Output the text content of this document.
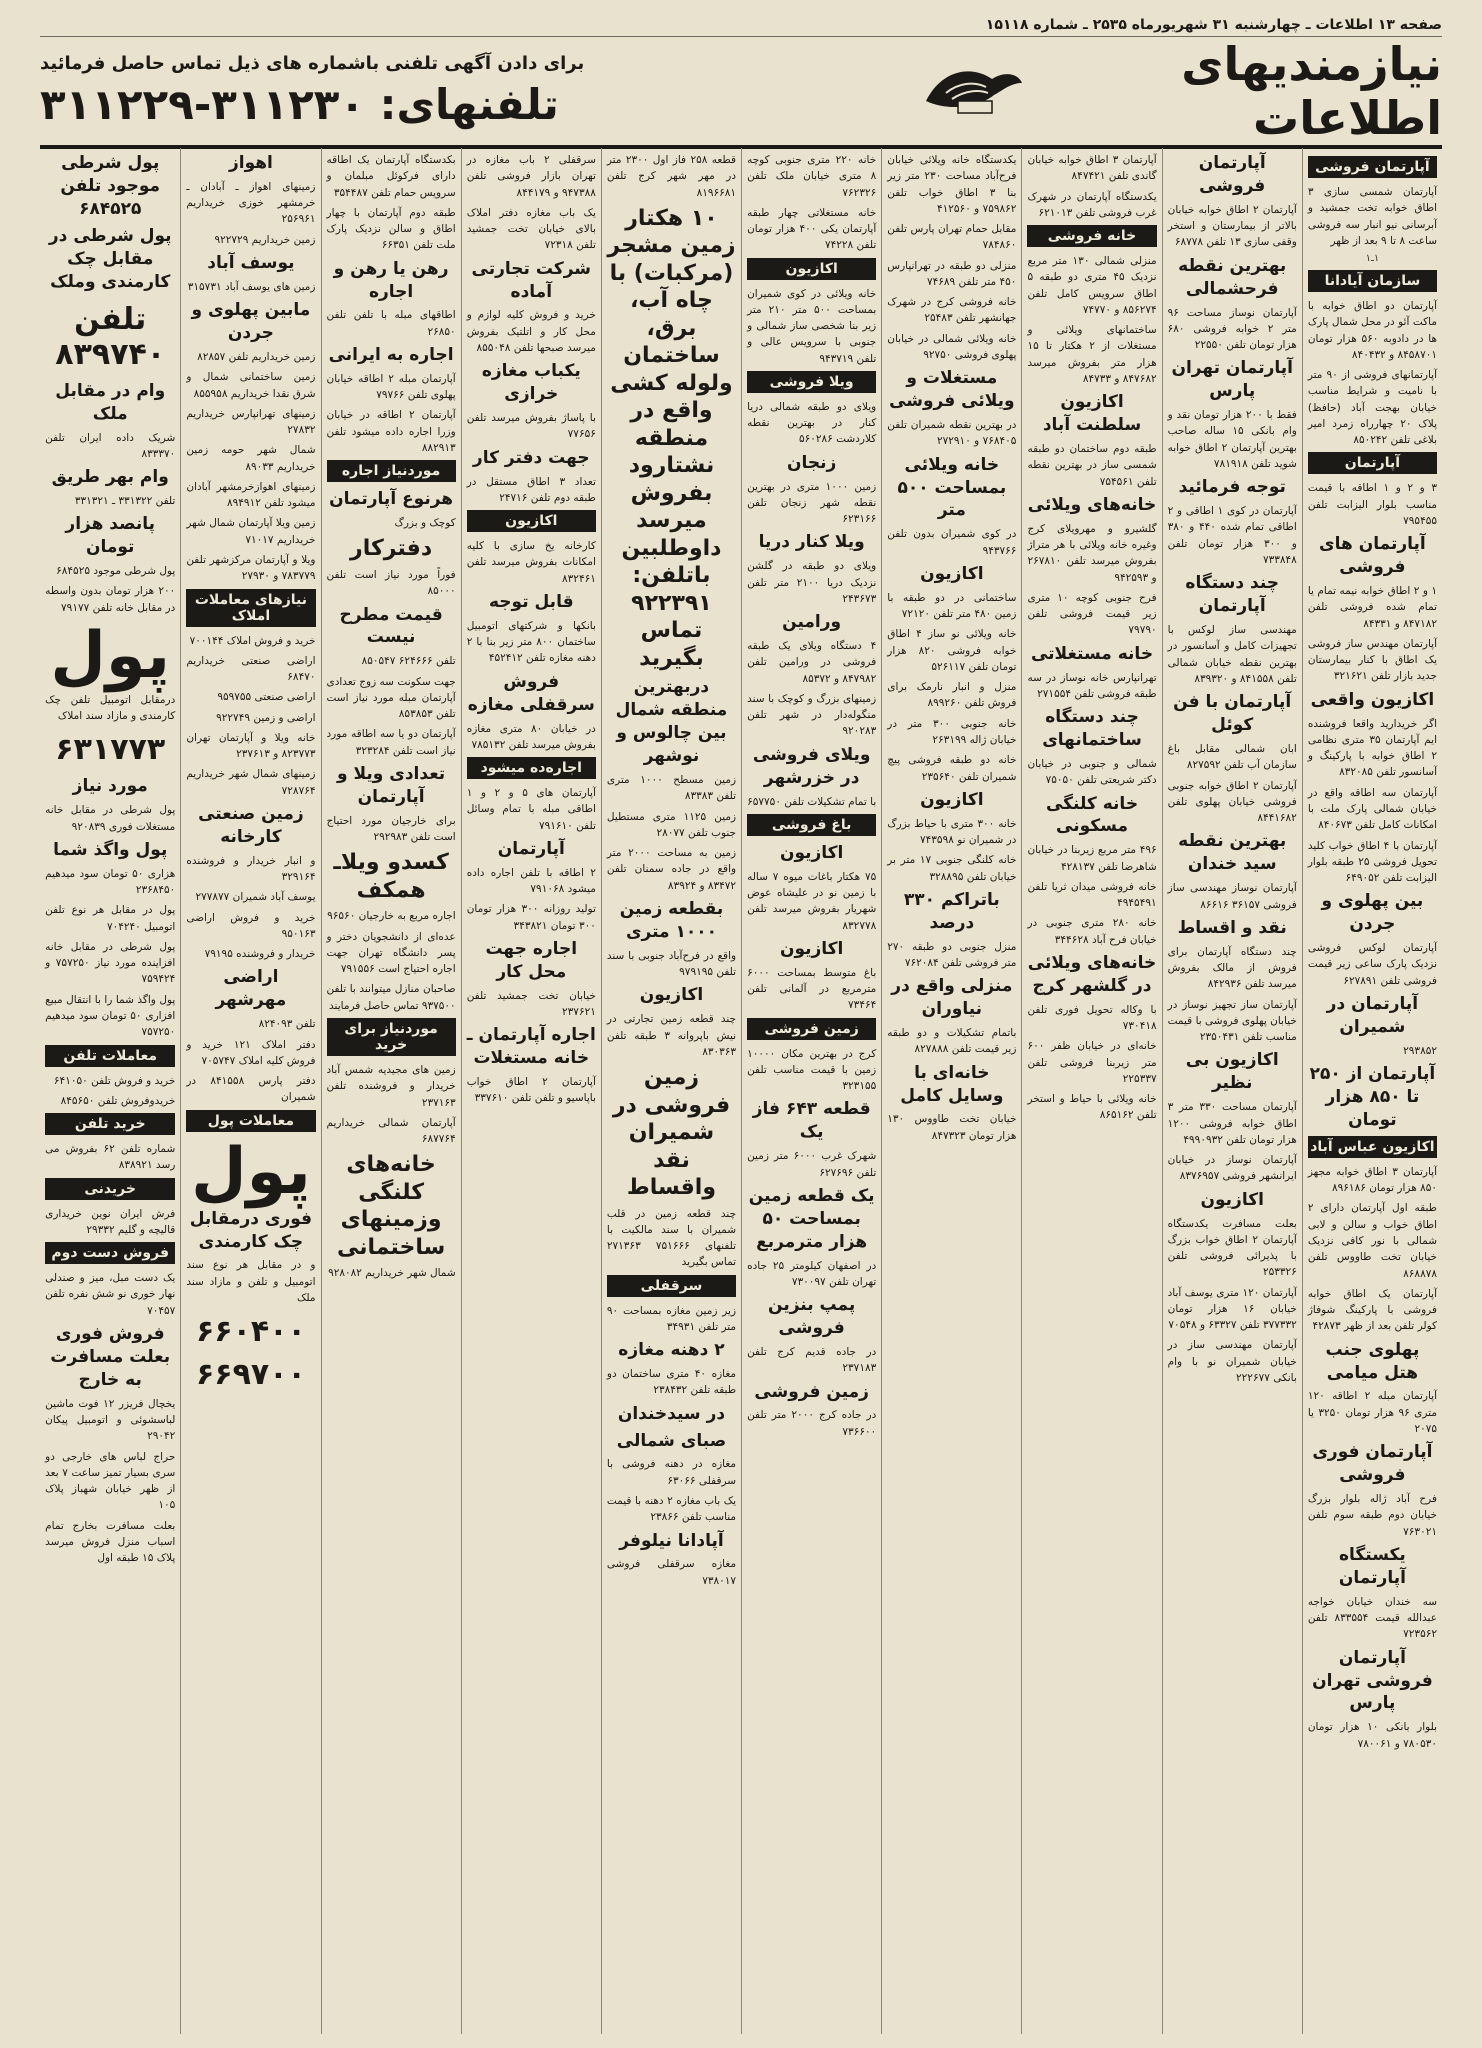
صفحه ۱۳ اطلاعات ـ چهارشنبه ۳۱ شهریورماه ۲۵۳۵ ـ شماره ۱۵۱۱۸
نیازمندیهای اطلاعات
برای دادن آگهی تلفنی باشماره های ذیل تماس حاصل فرمائید
تلفنهای: ۳۱۱۲۳۰-۳۱۱۲۲۹
آپارتمان فروشی
آپارتمان شمسی سازی ۳ اطاق خوابه تخت جمشید و آبرسانی نیو انبار سه فروشی ساعت ۸ تا ۹ بعد از ظهر
۱ـ۱
سازمان آیادانا
آپارتمان دو اطاق خوابه با ماکت آئو در محل شمال پارک ها در دادوبه ۵۶۰ هزار تومان ۸۴۵۸۷۰۱ و ۸۴۰۴۳۲
آپارتمانهای فروشی از ۹۰ متر با نامیت و شرایط مناسب خیابان بهجت آباد (حافظ) پلاک ۲۰ چهارراه زمرد امیر بلاغی تلفن ۸۵۰۲۴۲
آپارتمان
۳ و ۲ و ۱ اطاقه با قیمت مناسب بلوار الیزابت تلفن ۷۹۵۴۵۵
آپارتمان های فروشی
۱ و ۲ اطاق خوابه نیمه تمام یا تمام شده فروشی تلفن ۸۴۷۱۸۲ و ۸۴۳۳۱
آپارتمان مهندس ساز فروشی یک اطاق با کنار بیمارستان جدید بازار تلفن ۳۲۱۶۲۱
اکازیون واقعی
اگر خریدارید واقعا فروشنده ایم آپارتمان ۳۵ متری نظامی ۲ اطاق خوابه با پارکینگ و آسانسور تلفن ۸۳۲۰۸۵
آپارتمان سه اطاقه واقع در خیابان شمالی پارک ملت با امکانات کامل تلفن ۸۴۰۶۷۳
آپارتمان با ۴ اطاق خواب کلید تحویل فروشی ۲۵ طبقه بلوار الیزابت تلفن ۶۴۹۰۵۲
بین پهلوی و جردن
آپارتمان لوکس فروشی نزدیک پارک ساعی زیر قیمت فروشی تلفن ۶۲۷۸۹۱
آپارتمان در شمیران
۲۹۳۸۵۲
آپارتمان از ۲۵۰ تا ۸۵۰ هزار تومان
اکازیون عباس آباد
آپارتمان ۳ اطاق خوابه مجهز ۸۵۰ هزار تومان ۸۹۶۱۸۶
طبقه اول آپارتمان دارای ۲ اطاق خواب و سالن و لابی شمالی با نور کافی نزدیک خیابان تخت طاووس تلفن ۸۶۸۸۷۸
آپارتمان یک اطاق خوابه فروشی با پارکینگ شوفاژ کولر تلفن بعد از ظهر ۴۲۸۷۳
پهلوی جنب هتل میامی
آپارتمان مبله ۲ اطاقه ۱۲۰ متری ۹۶ هزار تومان ۳۲۵۰ یا ۲۰۷۵
آپارتمان فوری فروشی
فرح آباد ژاله بلوار بزرگ خیابان دوم طبقه سوم تلفن ۷۶۳۰۲۱
یکستگاه آپارتمان
سه خندان خیابان خواجه عبدالله قیمت ۸۳۳۵۵۴ تلفن ۷۲۳۵۶۲
آپارتمان فروشی تهران پارس
بلوار بانکی ۱۰ هزار تومان ۷۸۰۵۳۰ و ۷۸۰۰۶۱
آپارتمان فروشی
آپارتمان ۲ اطاق خوابه خیابان بالاتر از بیمارستان و استخر وقفی سازی ۱۳ تلفن ۶۸۷۷۸
بهترین نقطه فرحشمالی
آپارتمان نوساز مساحت ۹۶ متر ۲ خوابه فروشی ۶۸۰ هزار تومان تلفن ۲۲۵۵۰
آپارتمان تهران پارس
فقط با ۲۰۰ هزار تومان نقد و وام بانکی ۱۵ ساله صاحب بهترین آپارتمان ۲ اطاق خوابه شوید تلفن ۷۸۱۹۱۸
توجه فرمائید
آپارتمان در کوی ۱ اطاقی و ۲ اطاقی تمام شده ۴۴۰ و ۳۸۰ و ۳۰۰ هزار تومان تلفن ۷۳۳۸۴۸
چند دستگاه آپارتمان
مهندسی ساز لوکس با تجهیزات کامل و آسانسور در بهترین نقطه خیابان شمالی تلفن ۸۴۱۵۵۸ و ۸۳۹۳۲۰
آپارتمان با فن کوئل
ابان شمالی مقابل باغ سازمان آب تلفن ۸۲۷۵۹۲
آپارتمان ۲ اطاق خوابه جنوبی فروشی خیابان پهلوی تلفن ۸۴۴۱۶۸۲
بهترین نقطه سید خندان
آپارتمان نوساز مهندسی ساز فروشی ۳۶۱۵۷ ۸۶۶۱۶
نقد و اقساط
چند دستگاه آپارتمان برای فروش از مالک بفروش میرسد تلفن ۸۴۲۹۳۶
آپارتمان ساز تجهیز نوساز در خیابان پهلوی فروشی با قیمت مناسب تلفن ۲۳۵۰۴۳۱
اکازیون بی نظیر
آپارتمان مساحت ۳۳۰ متر ۳ اطاق خوابه فروشی ۱۲۰۰ هزار تومان تلفن ۴۹۹۰۹۳۲
آپارتمان نوساز در خیابان ایرانشهر فروشی ۸۳۷۶۹۵۷
اکازیون
بعلت مسافرت یکدستگاه آپارتمان ۲ اطاق خواب بزرگ با پذیرائی فروشی تلفن ۲۵۳۳۲۶
آپارتمان ۱۲۰ متری یوسف آباد خیابان ۱۶ هزار تومان ۳۷۷۳۳۲ تلفن ۶۳۳۲۷ و ۷۰۵۴۸
آپارتمان مهندسی ساز در خیابان شمیران نو با وام بانکی ۲۲۲۶۷۷
آپارتمان ۳ اطاق خوابه خیابان گاندی تلفن ۸۴۷۴۲۱
یکدستگاه آپارتمان در شهرک غرب فروشی تلفن ۶۲۱۰۱۳
خانه فروشی
منزلی شمالی ۱۳۰ متر مربع نزدیک ۴۵ متری دو طبقه ۵ اطاق سرویس کامل تلفن ۸۵۶۲۷۴ و ۷۴۷۷۰
ساختمانهای ویلائی و مستغلات از ۲ هکتار تا ۱۵ هزار متر بفروش میرسد ۸۴۷۶۸۲ و ۸۴۷۳۳
اکازیون سلطنت آباد
طبقه دوم ساختمان دو طبقه شمسی ساز در بهترین نقطه تلفن ۷۵۴۵۶۱
خانه‌های ویلائی
گلشیرو و مهرویلای کرج وغیره خانه ویلائی با هر متراژ بفروش میرسد تلفن ۲۶۷۸۱۰ و ۹۴۲۵۹۳
فرح جنوبی کوچه ۱۰ متری زیر قیمت فروشی تلفن ۷۹۷۹۰
خانه مستغلاتی
تهرانپارس خانه نوساز در سه طبقه فروشی تلفن ۲۷۱۵۵۴
چند دستگاه ساختمانهای
شمالی و جنوبی در خیابان دکتر شریعتی تلفن ۷۵۰۵۰
خانه کلنگی مسکونی
۴۹۶ متر مربع زیربنا در خیابان شاهرضا تلفن ۴۲۸۱۳۷
خانه فروشی میدان ثریا تلفن ۴۹۴۵۴۹۱
خانه ۲۸۰ متری جنوبی در خیابان فرح آباد ۳۴۴۶۲۸
خانه‌های ویلائی در گلشهر کرج
با وکاله تحویل فوری تلفن ۷۳۰۴۱۸
خانه‌ای در خیابان ظفر ۶۰۰ متر زیربنا فروشی تلفن ۲۲۵۳۳۷
خانه ویلائی با حیاط و استخر تلفن ۸۶۵۱۶۲
یکدستگاه خانه ویلائی خیابان فرح‌آباد مساحت ۲۳۰ متر زیر بنا ۳ اطاق خواب تلفن ۷۵۹۸۶۲ و ۴۱۲۵۶۰
مقابل حمام تهران پارس تلفن ۷۸۴۸۶۰
منزلی دو طبقه در تهرانپارس ۴۵۰ متر تلفن ۷۴۶۸۹
خانه فروشی کرج در شهرک جهانشهر تلفن ۲۵۴۸۳
خانه ویلائی شمالی در خیابان پهلوی فروشی ۹۲۷۵۰
مستغلات و ویلائی فروشی
در بهترین نقطه شمیران تلفن ۷۶۸۴۰۵ و ۲۷۲۹۱۰
خانه ویلائی بمساحت ۵۰۰ متر
در کوی شمیران بدون تلفن ۹۴۳۷۶۶
اکازیون
ساختمانی در دو طبقه با زمین ۴۸۰ متر تلفن ۷۲۱۲۰
خانه ویلائی نو ساز ۴ اطاق خوابه فروشی ۸۲۰ هزار تومان تلفن ۵۲۶۱۱۷
منزل و انبار نارمک برای فروش تلفن ۸۹۹۲۶۰
خانه جنوبی ۳۰۰ متر در خیابان ژاله ۲۶۳۱۹۹
خانه دو طبقه فروشی پیچ شمیران تلفن ۲۳۵۶۴۰
اکازیون
خانه ۳۰۰ متری با حیاط بزرگ در شمیران نو ۷۴۳۵۹۸
خانه کلنگی جنوبی ۱۷ متر بر خیابان تلفن ۳۲۸۸۹۵
باتراکم ۳۳۰ درصد
منزل جنوبی دو طبقه ۲۷۰ متر فروشی تلفن ۷۶۲۰۸۴
منزلی واقع در نیاوران
باتمام تشکیلات و دو طبقه زیر قیمت تلفن ۸۲۷۸۸۸
خانه‌ای با وسایل کامل
خیابان تخت طاووس ۱۳۰ هزار تومان ۸۴۷۳۲۳
خانه ۲۲۰ متری جنوبی کوچه ۸ متری خیابان ملک تلفن ۷۶۲۳۲۶
خانه مستغلاتی چهار طبقه آپارتمان یکی ۴۰۰ هزار تومان تلفن ۷۴۲۲۸
اکازیون
خانه ویلائی در کوی شمیران بمساحت ۵۰۰ متر ۲۱۰ متر زیر بنا شخصی ساز شمالی و جنوبی با سرویس عالی و تلفن ۹۴۳۷۱۹
ویلا فروشی
ویلای دو طبقه شمالی دریا کنار در بهترین نقطه کلاردشت ۵۶۰۲۸۶
زنجان
زمین ۱۰۰۰ متری در بهترین نقطه شهر زنجان تلفن ۶۲۳۱۶۶
ویلا کنار دریا
ویلای دو طبقه در گلشن نزدیک دریا ۲۱۰۰ متر تلفن ۲۴۳۶۷۳
ورامین
۴ دستگاه ویلای یک طبقه فروشی در ورامین تلفن ۸۴۷۹۸۲ و ۸۵۳۷۲
زمینهای بزرگ و کوچک با سند منگوله‌دار در شهر تلفن ۹۲۰۲۸۳
ویلای فروشی در خزرشهر
با تمام تشکیلات تلفن ۶۵۷۷۵۰
باغ فروشی
اکازیون
۷۵ هکتار باغات میوه ۷ ساله با زمین نو در علیشاه عوض شهریار بفروش میرسد تلفن ۸۳۲۷۷۸
اکازیون
باغ متوسط بمساحت ۶۰۰۰ مترمربع در آلمانی تلفن ۷۳۴۶۴
زمین فروشی
کرج در بهترین مکان ۱۰۰۰۰ زمین با قیمت مناسب تلفن ۳۲۳۱۵۵
قطعه ۶۴۳ فاز یک
شهرک غرب ۶۰۰۰ متر زمین تلفن ۶۲۷۶۹۶
یک قطعه زمین بمساحت ۵۰ هزار مترمربع
در اصفهان کیلومتر ۲۵ جاده تهران تلفن ۷۳۰۰۹۷
پمپ بنزین فروشی
در جاده قدیم کرج تلفن ۲۳۷۱۸۳
زمین فروشی
در جاده کرج ۲۰۰۰ متر تلفن ۷۳۶۶۰۰
قطعه ۲۵۸ فاز اول ۲۳۰۰ متر در مهر شهر کرج تلفن ۸۱۹۶۶۸۱
۱۰ هکتار زمین مشجر (مرکبات) با چاه آب، برق، ساختمان ولوله کشی واقع در منطقه نشتارود بفروش میرسد داوطلبین باتلفن: ۹۲۲۳۹۱ تماس بگیرید
دربهترین منطقه شمال بین چالوس و نوشهر
زمین مسطح ۱۰۰۰ متری تلفن ۸۳۳۸۳
زمین ۱۱۲۵ متری مستطیل جنوب تلفن ۲۸۰۷۷
زمین به مساحت ۲۰۰۰ متر واقع در جاده سمنان تلفن ۸۳۴۷۲ و ۸۳۹۲۴
بقطعه زمین ۱۰۰۰ متری
واقع در فرح‌آباد جنوبی با سند تلفن ۹۷۹۱۹۵
اکازیون
چند قطعه زمین تجارتی در نیش باپروانه ۳ طبقه تلفن ۸۳۰۳۶۳
زمین فروشی در شمیران نقد واقساط
چند قطعه زمین در قلب شمیران با سند مالکیت با تلفنهای ۷۵۱۶۶۶ ۲۷۱۳۶۳ تماس بگیرید
سرقفلی
زیر زمین مغازه بمساحت ۹۰ متر تلفن ۳۴۹۳۱
۲ دهنه مغازه
مغازه ۴۰ متری ساختمان دو طبقه تلفن ۲۳۸۴۳۲
در سیدخندان
صبای شمالی
مغازه در دهنه فروشی با سرقفلی ۶۳۰۶۶
یک باب مغازه ۲ دهنه با قیمت مناسب تلفن ۲۳۸۶۶
آپادانا نیلوفر
مغازه سرقفلی فروشی ۷۳۸۰۱۷
سرقفلی ۲ باب مغازه در تهران بازار فروشی تلفن ۹۴۷۳۸۸ و ۸۴۴۱۷۹
یک باب مغازه دفتر املاک بالای خیابان تخت جمشید تلفن ۷۲۳۱۸
شرکت تجارتی آماده
خرید و فروش کلیه لوازم و محل کار و اتلتیک بفروش میرسد صبحها تلفن ۸۵۵۰۴۸
یکباب مغازه خرازی
با پاساژ بفروش میرسد تلفن ۷۷۶۵۶
جهت دفتر کار
تعداد ۳ اطاق مستقل در طبقه دوم تلفن ۲۴۷۱۶
اکازیون
کارخانه یخ سازی با کلیه امکانات بفروش میرسد تلفن ۸۳۲۴۶۱
قابل توجه
بانکها و شرکتهای اتومبیل ساختمان ۸۰۰ متر زیر بنا با ۲ دهنه مغازه تلفن ۴۵۲۴۱۲
فروش سرقفلی مغازه
در خیابان ۸۰ متری مغازه بفروش میرسد تلفن ۷۸۵۱۳۲
اجاره‌ده میشود
آپارتمان های ۵ و ۲ و ۱ اطاقی مبله با تمام وسائل تلفن ۷۹۱۶۱۰
آپارتمان
۲ اطاقه با تلفن اجاره داده میشود ۷۹۱۰۶۸
تولید روزانه ۳۰۰ هزار تومان ۳۰۰ تومان ۳۴۳۸۲۱
اجاره جهت محل کار
خیابان تخت جمشید تلفن ۲۳۷۶۲۱
اجاره آپارتمان ـ خانه مستغلات
آپارتمان ۲ اطاق خواب باپاسیو و تلفن تلفن ۳۳۷۶۱۰
بکدستگاه آپارتمان یک اطاقه دارای فرکوئل مبلمان و سرویس حمام تلفن ۳۵۴۴۸۷
طبقه دوم آپارتمان با چهار اطاق و سالن نزدیک پارک ملت تلفن ۶۶۳۵۱
رهن یا رهن و اجاره
اطاقهای مبله با تلفن تلفن ۲۶۸۵۰
اجاره به ایرانی
آپارتمان مبله ۲ اطاقه خیابان پهلوی تلفن ۷۹۷۶۶
آپارتمان ۲ اطاقه در خیابان وزرا اجاره داده میشود تلفن ۸۸۲۹۱۳
موردنیاز اجاره
هرنوع آپارتمان
کوچک و بزرگ
دفترکار
فوراً مورد نیاز است تلفن ۸۵۰۰۰
قیمت مطرح نیست
تلفن ۶۲۴۶۶۶ ۸۵۰۵۴۷
جهت سکونت سه زوج تعدادی آپارتمان مبله مورد نیاز است تلفن ۸۵۳۸۵۳
آپارتمان دو یا سه اطاقه مورد نیاز است تلفن ۳۲۳۲۸۴
تعدادی ویلا و آپارتمان
برای خارجیان مورد احتیاج است تلفن ۲۹۲۹۸۳
کسدو ویلاـ همکف
اجاره مربع به خارجیان ۹۶۵۶۰
عده‌ای از دانشجویان دختر و پسر دانشگاه تهران جهت اجاره احتیاج است ۷۹۱۵۵۶
صاحبان منازل میتوانند با تلفن ۹۳۷۵۰۰ تماس حاصل فرمایند
موردنیاز برای خرید
زمین های مجیدیه شمس آباد خریدار و فروشنده تلفن ۲۳۷۱۶۳
آپارتمان شمالی خریداریم ۶۸۷۷۶۴
خانه‌های کلنگی وزمینهای ساختمانی
شمال شهر خریداریم ۹۲۸۰۸۲
اهواز
زمینهای اهواز ـ آبادان ـ خرمشهر خوزی خریداریم ۲۵۶۹۶۱
زمین خریداریم ۹۲۲۷۲۹
یوسف آباد
زمین های یوسف آباد ۳۱۵۷۳۱
مابین پهلوی و جردن
زمین خریداریم تلفن ۸۲۸۵۷
زمین ساختمانی شمال و شرق نقدا خریداریم ۸۵۵۹۵۸
زمینهای تهرانپارس خریداریم ۲۷۸۳۲
شمال شهر حومه زمین خریداریم ۸۹۰۳۳
زمینهای اهوازخرمشهر آبادان میشود تلفن ۸۹۴۹۱۲
زمین ویلا آپارتمان شمال شهر خریداریم ۷۱۰۱۷
ویلا و آپارتمان مرکزشهر تلفن ۷۸۳۷۷۹ و ۲۷۹۳۰
نیازهای معاملات املاک
خرید و فروش املاک ۷۰۰۱۴۴
اراضی صنعتی خریداریم ۶۸۴۷۰
اراضی صنعتی ۹۵۹۷۵۵
اراضی و زمین ۹۲۲۷۴۹
خانه ویلا و آپارتمان تهران ۸۲۳۷۷۳ و ۲۳۷۶۱۳
زمینهای شمال شهر خریداریم ۷۲۸۷۶۴
زمین صنعتی کارخانه
و انبار خریدار و فروشنده ۳۲۹۱۶۴
یوسف آباد شمیران ۲۷۷۸۷۷
خرید و فروش اراضی ۹۵۰۱۶۳
خریدار و فروشنده ۷۹۱۹۵
اراضی مهرشهر
تلفن ۸۲۴۰۹۳
دفتر املاک ۱۲۱ خرید و فروش کلیه املاک ۷۰۵۷۴۷
دفتر پارس ۸۴۱۵۵۸ در شمیران
معاملات پول
پول
فوری درمقابل چک کارمندی
و در مقابل هر نوع سند اتومبیل و تلفن و مازاد سند ملک
۶۶۰۴۰۰
۶۶۹۷۰۰
پول شرطی موجود تلفن ۶۸۴۵۲۵
پول شرطی در مقابل چک کارمندی وملک
تلفن ۸۳۹۷۴۰
وام در مقابل ملک
شریک داده ایران تلفن ۸۳۳۳۷۰
وام بهر طریق
تلفن ۳۳۱۳۲۲ ـ ۳۳۱۳۲۱
پانصد هزار تومان
پول شرطی موجود ۶۸۴۵۲۵
۲۰۰ هزار تومان بدون واسطه در مقابل خانه تلفن ۷۹۱۷۷
پول
درمقابل اتومبیل تلفن چک کارمندی و مازاد سند املاک
۶۳۱۷۷۳
مورد نیاز
پول شرطی در مقابل خانه مستغلات فوری ۹۲۰۸۳۹
پول واگذ شما
هزاری ۵۰ تومان سود میدهیم ۲۳۶۸۴۵۰
پول در مقابل هر نوع تلفن اتومبیل ۷۰۴۲۴۰
پول شرطی در مقابل خانه افزاینده مورد نیاز ۷۵۷۲۵۰ و ۷۵۹۴۲۴
پول واگذ شما را با انتقال مبیع افزاری ۵۰ تومان سود میدهیم ۷۵۷۲۵۰
معاملات تلفن
خرید و فروش تلفن ۶۴۱۰۵۰
خریدوفروش تلفن ۸۴۵۶۵۰
خرید تلفن
شماره تلفن ۶۲ بفروش می رسد ۸۳۸۹۲۱
خریدنی
فرش ایران نوین خریداری قالیچه و گلیم ۲۹۳۳۲
فروش دست دوم
یک دست مبل، میز و صندلی نهار خوری نو شش نفره تلفن ۷۰۴۵۷
فروش فوری بعلت مسافرت به خارج
یخچال فریزر ۱۲ فوت ماشین لباسشوئی و اتومبیل پیکان ۲۹۰۴۲
حراج لباس های خارجی دو سری بسیار تمیز ساعت ۷ بعد از ظهر خیابان شهباز پلاک ۱۰۵
بعلت مسافرت بخارج تمام اسباب منزل فروش میرسد پلاک ۱۵ طبقه اول
